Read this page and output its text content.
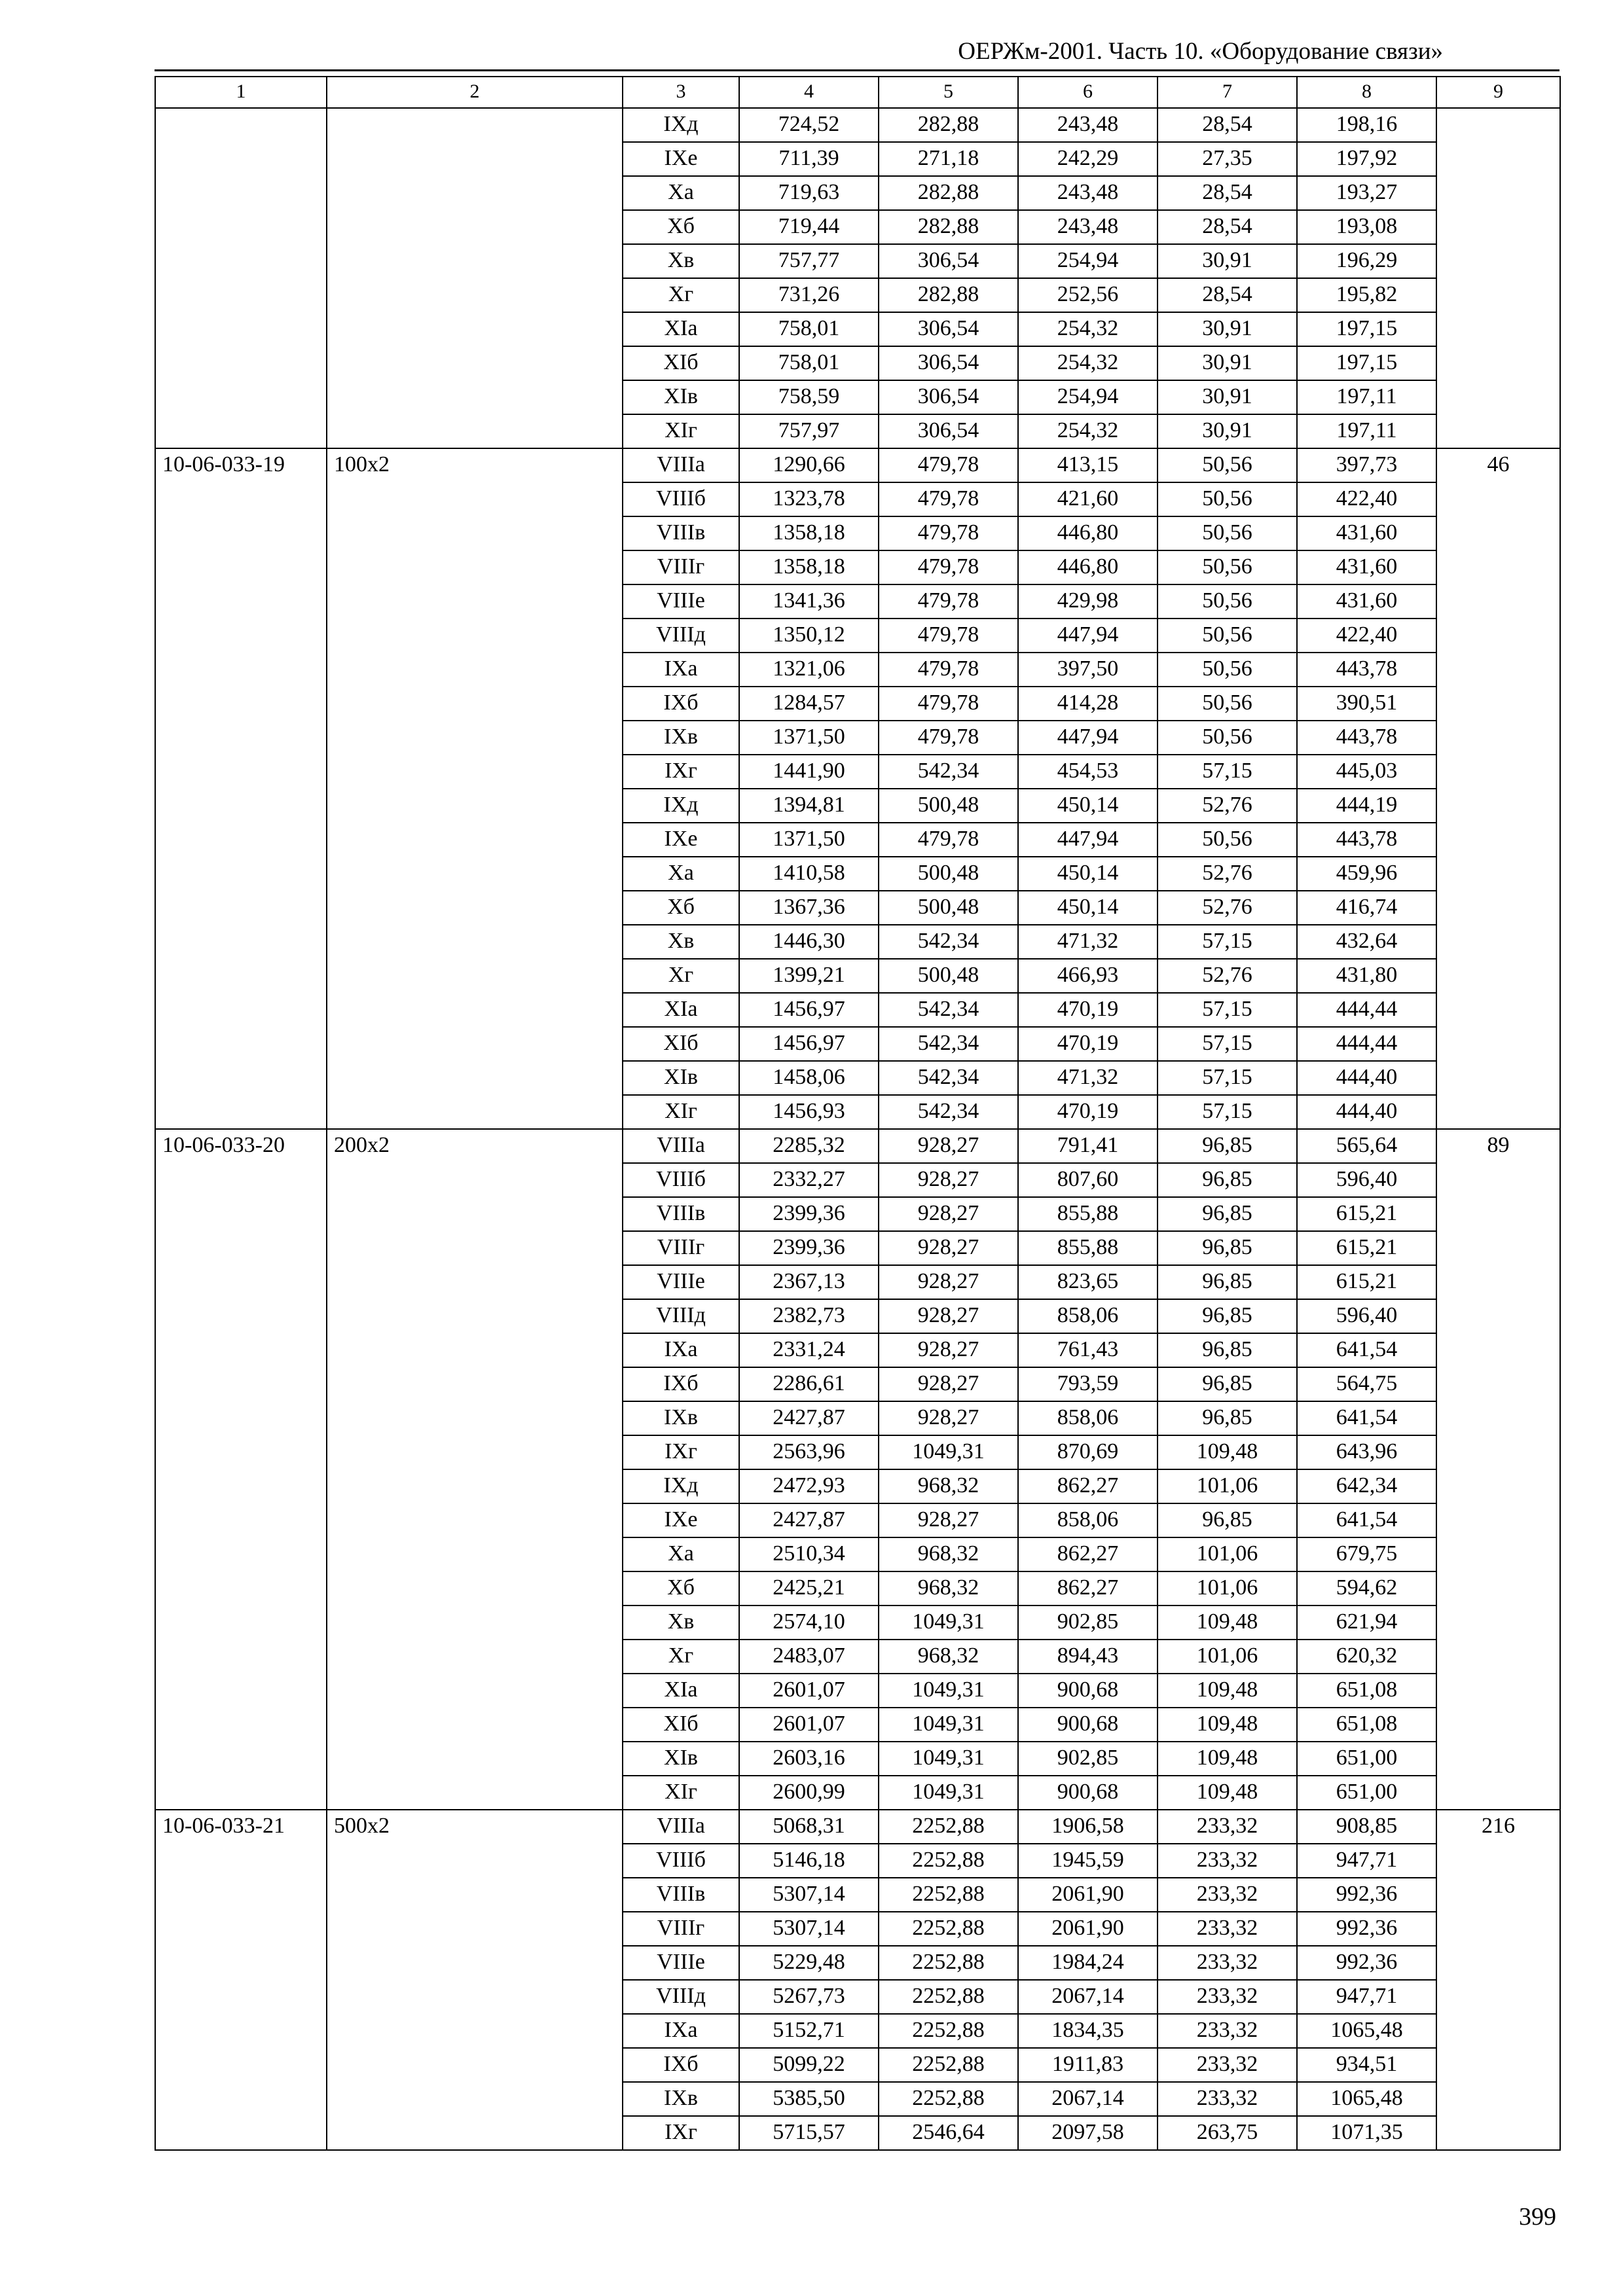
ОЕРЖм-2001. Часть 10. «Оборудование связи»
1	2	3	4	5	6	7	8	9
		IXд	724,52	282,88	243,48	28,54	198,16	
		IXе	711,39	271,18	242,29	27,35	197,92	
		Xа	719,63	282,88	243,48	28,54	193,27	
		Xб	719,44	282,88	243,48	28,54	193,08	
		Xв	757,77	306,54	254,94	30,91	196,29	
		Xг	731,26	282,88	252,56	28,54	195,82	
		XIа	758,01	306,54	254,32	30,91	197,15	
		XIб	758,01	306,54	254,32	30,91	197,15	
		XIв	758,59	306,54	254,94	30,91	197,11	
		XIг	757,97	306,54	254,32	30,91	197,11	
10-06-033-19	100x2	VIIIа	1290,66	479,78	413,15	50,56	397,73	46
		VIIIб	1323,78	479,78	421,60	50,56	422,40	
		VIIIв	1358,18	479,78	446,80	50,56	431,60	
		VIIIг	1358,18	479,78	446,80	50,56	431,60	
		VIIIе	1341,36	479,78	429,98	50,56	431,60	
		VIIIд	1350,12	479,78	447,94	50,56	422,40	
		IXа	1321,06	479,78	397,50	50,56	443,78	
		IXб	1284,57	479,78	414,28	50,56	390,51	
		IXв	1371,50	479,78	447,94	50,56	443,78	
		IXг	1441,90	542,34	454,53	57,15	445,03	
		IXд	1394,81	500,48	450,14	52,76	444,19	
		IXе	1371,50	479,78	447,94	50,56	443,78	
		Xа	1410,58	500,48	450,14	52,76	459,96	
		Xб	1367,36	500,48	450,14	52,76	416,74	
		Xв	1446,30	542,34	471,32	57,15	432,64	
		Xг	1399,21	500,48	466,93	52,76	431,80	
		XIа	1456,97	542,34	470,19	57,15	444,44	
		XIб	1456,97	542,34	470,19	57,15	444,44	
		XIв	1458,06	542,34	471,32	57,15	444,40	
		XIг	1456,93	542,34	470,19	57,15	444,40	
10-06-033-20	200x2	VIIIа	2285,32	928,27	791,41	96,85	565,64	89
		VIIIб	2332,27	928,27	807,60	96,85	596,40	
		VIIIв	2399,36	928,27	855,88	96,85	615,21	
		VIIIг	2399,36	928,27	855,88	96,85	615,21	
		VIIIе	2367,13	928,27	823,65	96,85	615,21	
		VIIIд	2382,73	928,27	858,06	96,85	596,40	
		IXа	2331,24	928,27	761,43	96,85	641,54	
		IXб	2286,61	928,27	793,59	96,85	564,75	
		IXв	2427,87	928,27	858,06	96,85	641,54	
		IXг	2563,96	1049,31	870,69	109,48	643,96	
		IXд	2472,93	968,32	862,27	101,06	642,34	
		IXе	2427,87	928,27	858,06	96,85	641,54	
		Xа	2510,34	968,32	862,27	101,06	679,75	
		Xб	2425,21	968,32	862,27	101,06	594,62	
		Xв	2574,10	1049,31	902,85	109,48	621,94	
		Xг	2483,07	968,32	894,43	101,06	620,32	
		XIа	2601,07	1049,31	900,68	109,48	651,08	
		XIб	2601,07	1049,31	900,68	109,48	651,08	
		XIв	2603,16	1049,31	902,85	109,48	651,00	
		XIг	2600,99	1049,31	900,68	109,48	651,00	
10-06-033-21	500x2	VIIIа	5068,31	2252,88	1906,58	233,32	908,85	216
		VIIIб	5146,18	2252,88	1945,59	233,32	947,71	
		VIIIв	5307,14	2252,88	2061,90	233,32	992,36	
		VIIIг	5307,14	2252,88	2061,90	233,32	992,36	
		VIIIе	5229,48	2252,88	1984,24	233,32	992,36	
		VIIIд	5267,73	2252,88	2067,14	233,32	947,71	
		IXа	5152,71	2252,88	1834,35	233,32	1065,48	
		IXб	5099,22	2252,88	1911,83	233,32	934,51	
		IXв	5385,50	2252,88	2067,14	233,32	1065,48	
		IXг	5715,57	2546,64	2097,58	263,75	1071,35	
399
